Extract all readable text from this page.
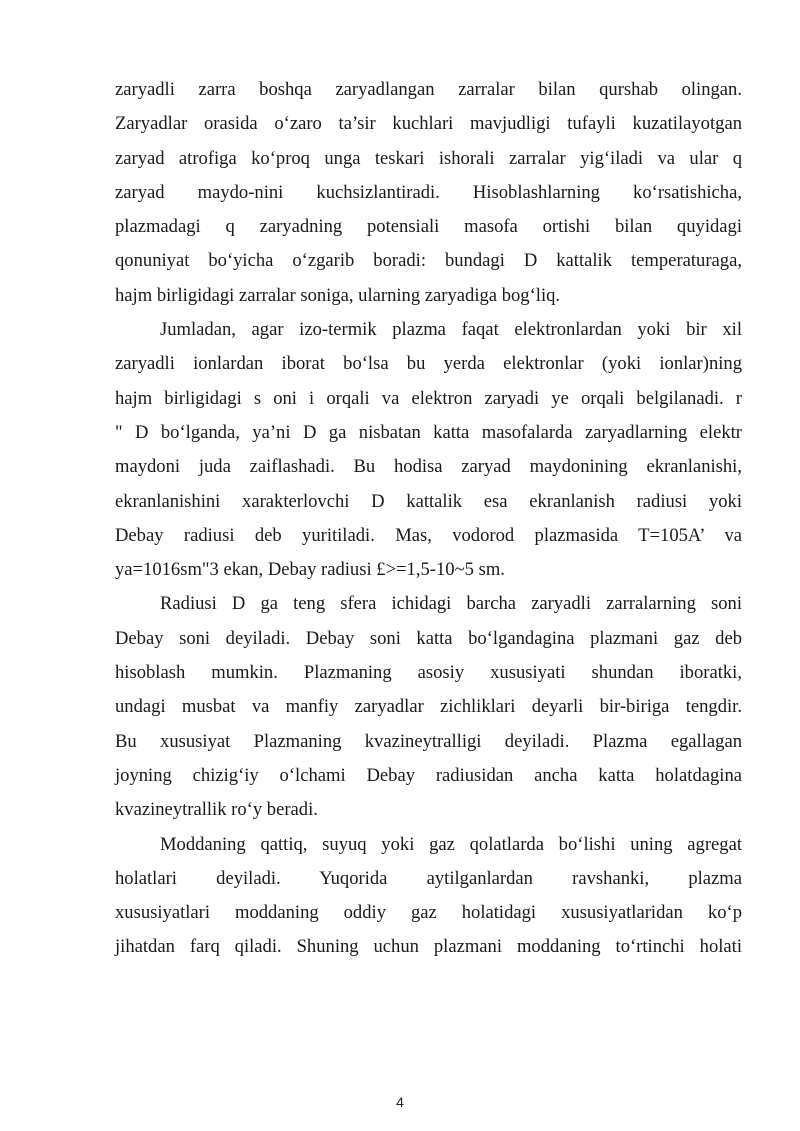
zaryadli zarra boshqa zaryadlangan zarralar bilan qurshab olingan.
Zaryadlar orasida o‘zaro ta’sir kuchlari mavjudligi tufayli kuzatilayotgan
zaryad atrofiga ko‘proq unga teskari ishorali zarralar yig‘iladi va ular q
zaryad maydo-nini kuchsizlantiradi. Hisoblashlarning ko‘rsatishicha,
plazmadagi q zaryadning potensiali masofa ortishi bilan quyidagi
qonuniyat bo‘yicha o‘zgarib boradi: bundagi D kattalik temperaturaga,
hajm birligidagi zarralar soniga, ularning zaryadiga bog‘liq.
Jumladan, agar izo-termik plazma faqat elektronlardan yoki bir xil
zaryadli ionlardan iborat bo‘lsa bu yerda elektronlar (yoki ionlar)ning
hajm birligidagi s oni i orqali va elektron zaryadi ye orqali belgilanadi. r
" D bo‘lganda, ya’ni D ga nisbatan katta masofalarda zaryadlarning elektr
maydoni juda zaiflashadi. Bu hodisa zaryad maydonining ekranlanishi,
ekranlanishini xarakterlovchi D kattalik esa ekranlanish radiusi yoki
Debay radiusi deb yuritiladi. Mas, vodorod plazmasida T=105A’ va
ya=1016sm"3 ekan, Debay radiusi £>=1,5-10~5 sm.
Radiusi D ga teng sfera ichidagi barcha zaryadli zarralarning soni
Debay soni deyiladi. Debay soni katta bo‘lgandagina plazmani gaz deb
hisoblash mumkin. Plazmaning asosiy xususiyati shundan iboratki,
undagi musbat va manfiy zaryadlar zichliklari deyarli bir-biriga tengdir.
Bu xususiyat Plazmaning kvazineytralligi deyiladi. Plazma egallagan
joyning chizig‘iy o‘lchami Debay radiusidan ancha katta holatdagina
kvazineytrallik ro‘y beradi.
Moddaning qattiq, suyuq yoki gaz qolatlarda bo‘lishi uning agregat
holatlari deyiladi. Yuqorida aytilganlardan ravshanki, plazma
xususiyatlari moddaning oddiy gaz holatidagi xususiyatlaridan ko‘p
jihatdan farq qiladi. Shuning uchun plazmani moddaning to‘rtinchi holati
4
